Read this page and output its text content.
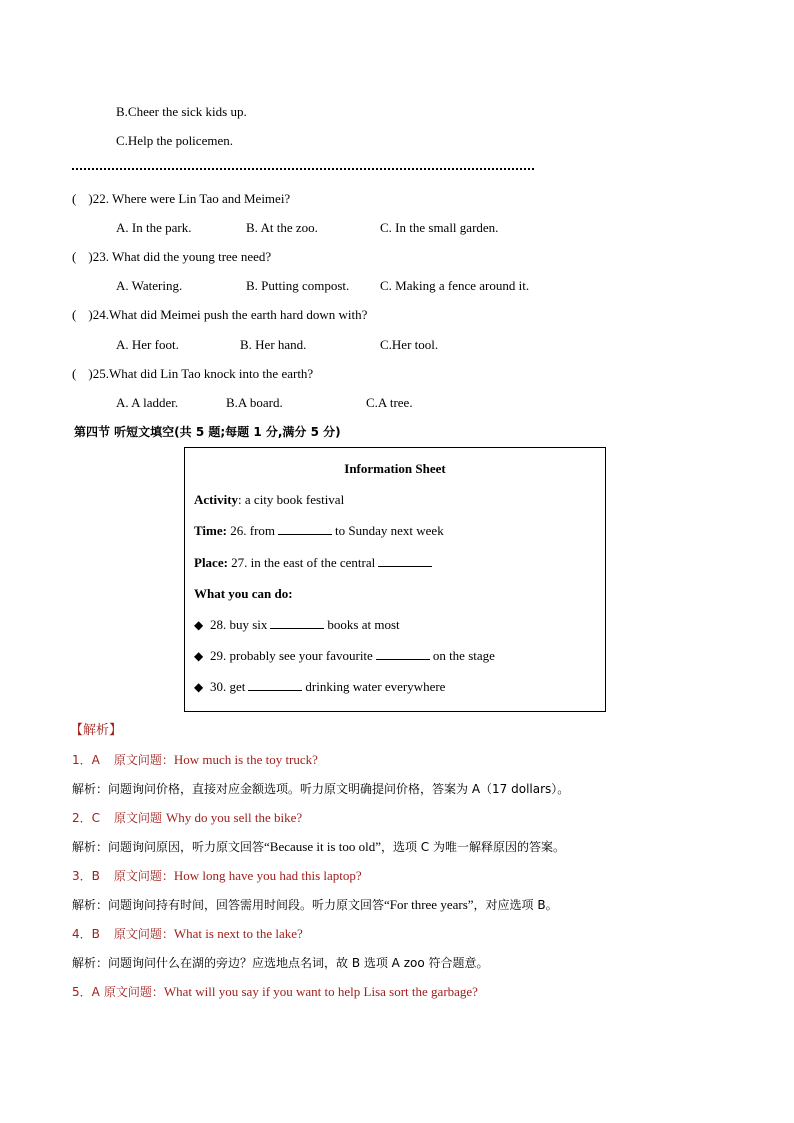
B.Cheer the sick kids up.
C.Help the policemen.
( )22. Where were Lin Tao and Meimei?
A. In the park.	B. At the zoo.	C. In the small garden.
( )23. What did the young tree need?
A. Watering.	B. Putting compost. C. Making a fence around it.
( )24.What did Meimei push the earth hard down with?
A. Her foot.	B. Her hand.	C.Her tool.
( )25.What did Lin Tao knock into the earth?
A. A ladder.	B.A board.	C.A tree.
第四节 听短文填空(共 5 题;每题 1 分,满分 5 分)
Information Sheet
Activity: a city book festival
Time: 26. from	to Sunday next week
Place: 27. in the east of the central
What you can do:
◆ 28. buy six	books at most
◆ 29. probably see your favourite	on the stage
◆ 30. get	drinking water everywhere
【解析】
1．A 原文问题：How much is the toy truck?
解析：问题询问价格，直接对应金额选项。听力原文明确提问价格，答案为 A（17 dollars）。
2．C 原文问题 Why do you sell the bike?
解析：问题询问原因，听力原文回答“Because it is too old”，选项 C 为唯一解释原因的答案。
3．B 原文问题：How long have you had this laptop?
解析：问题询问持有时间，回答需用时间段。听力原文回答“For three years”，对应选项 B。
4．B 原文问题：What is next to the lake?
解析：问题询问什么在湖的旁边？应选地点名词，故 B 选项 A zoo 符合题意。
5．A 原文问题：What will you say if you want to help Lisa sort the garbage?
